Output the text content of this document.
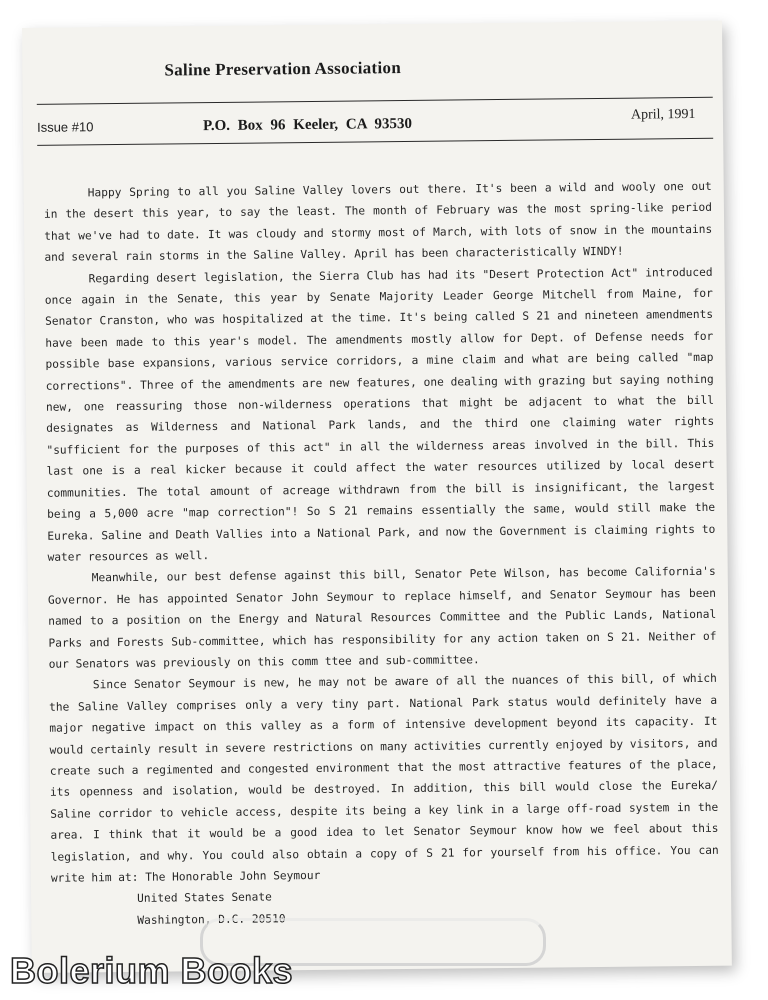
Saline Preservation Association
Issue #10	P.O. Box 96 Keeler, CA 93530
April, 1991

Happy Spring to all you Saline Valley lovers out there. It's been a wild and wooly one out in the desert this year, to say the least. The month of February was the most spring-like period that we've had to date. It was cloudy and stormy most of March, with lots of snow in the mountains and several rain storms in the Saline Valley. April has been characteristically WINDY!

Regarding desert legislation, the Sierra Club has had its "Desert Protection Act" introduced once again in the Senate, this year by Senate Majority Leader George Mitchell from Maine, for Senator Cranston, who was hospitalized at the time. It's being called S 21 and nineteen amendments have been made to this year's model. The amendments mostly allow for Dept. of Defense needs for possible base expansions, various service corridors, a mine claim and what are being called "map corrections". Three of the amendments are new features, one dealing with grazing but saying nothing new, one reassuring those non-wilderness operations that might be adjacent to what the bill designates as Wilderness and National Park lands, and the third one claiming water rights "sufficient for the purposes of this act" in all the wilderness areas involved in the bill. This last one is a real kicker because it could affect the water resources utilized by local desert communities. The total amount of acreage withdrawn from the bill is insignificant, the largest being a 5,000 acre "map correction"! So S 21 remains essentially the same, would still make the Eureka. Saline and Death Vallies into a National Park, and now the Government is claiming rights to water resources as well.

Meanwhile, our best defense against this bill, Senator Pete Wilson, has become California's Governor. He has appointed Senator John Seymour to replace himself, and Senator Seymour has been named to a position on the Energy and Natural Resources Committee and the Public Lands, National Parks and Forests Sub-committee, which has responsibility for any action taken on S 21. Neither of our Senators was previously on this comm ttee and sub-committee.

Since Senator Seymour is new, he may not be aware of all the nuances of this bill, of which the Saline Valley comprises only a very tiny part. National Park status would definitely have a major negative impact on this valley as a form of intensive development beyond its capacity. It would certainly result in severe restrictions on many activities currently enjoyed by visitors, and create such a regimented and congested environment that the most attractive features of the place, its openness and isolation, would be destroyed. In addition, this bill would close the Eureka/ Saline corridor to vehicle access, despite its being a key link in a large off-road system in the area. I think that it would be a good idea to let Senator Seymour know how we feel about this legislation, and why. You could also obtain a copy of S 21 for yourself from his office. You can write him at: The Honorable John Seymour

United States Senate
Washington, D.C. 20510
Bolerium Books
